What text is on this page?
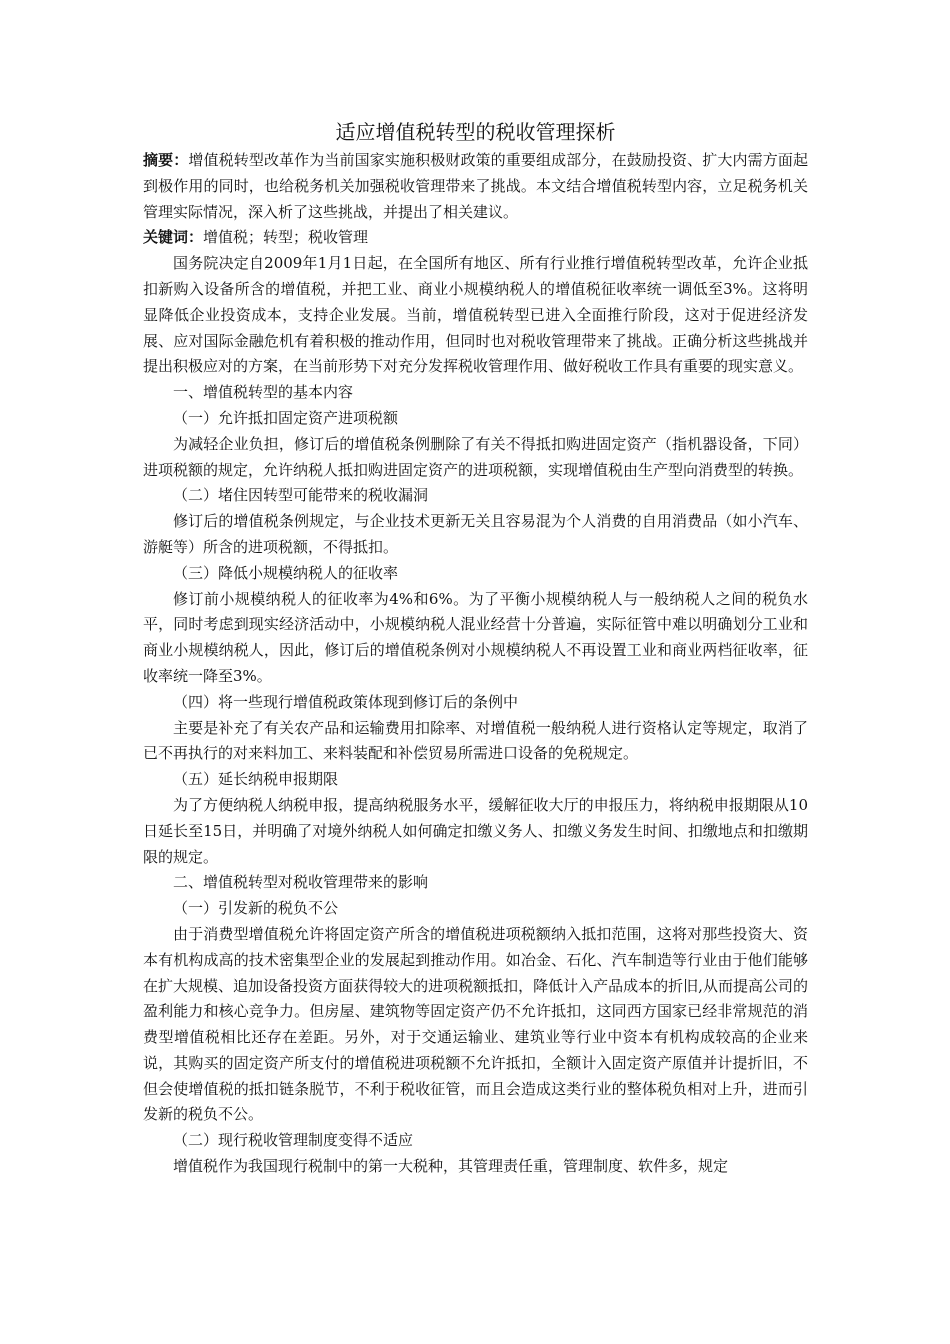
适应增值税转型的税收管理探析

摘要：增值税转型改革作为当前国家实施积极财政策的重要组成部分，在鼓励投资、扩大内需方面起到极作用的同时，也给税务机关加强税收管理带来了挑战。本文结合增值税转型内容，立足税务机关管理实际情况，深入析了这些挑战，并提出了相关建议。

关键词：增值税；转型；税收管理

国务院决定自2009年1月1日起，在全国所有地区、所有行业推行增值税转型改革，允许企业抵扣新购入设备所含的增值税，并把工业、商业小规模纳税人的增值税征收率统一调低至3%。这将明显降低企业投资成本，支持企业发展。当前，增值税转型已进入全面推行阶段，这对于促进经济发展、应对国际金融危机有着积极的推动作用，但同时也对税收管理带来了挑战。正确分析这些挑战并提出积极应对的方案，在当前形势下对充分发挥税收管理作用、做好税收工作具有重要的现实意义。

一、增值税转型的基本内容

（一）允许抵扣固定资产进项税额

为减轻企业负担，修订后的增值税条例删除了有关不得抵扣购进固定资产（指机器设备，下同）进项税额的规定，允许纳税人抵扣购进固定资产的进项税额，实现增值税由生产型向消费型的转换。

（二）堵住因转型可能带来的税收漏洞

修订后的增值税条例规定，与企业技术更新无关且容易混为个人消费的自用消费品（如小汽车、游艇等）所含的进项税额，不得抵扣。

（三）降低小规模纳税人的征收率

修订前小规模纳税人的征收率为4%和6%。为了平衡小规模纳税人与一般纳税人之间的税负水平，同时考虑到现实经济活动中，小规模纳税人混业经营十分普遍，实际征管中难以明确划分工业和商业小规模纳税人，因此，修订后的增值税条例对小规模纳税人不再设置工业和商业两档征收率，征收率统一降至3%。

（四）将一些现行增值税政策体现到修订后的条例中

主要是补充了有关农产品和运输费用扣除率、对增值税一般纳税人进行资格认定等规定，取消了已不再执行的对来料加工、来料装配和补偿贸易所需进口设备的免税规定。

（五）延长纳税申报期限

为了方便纳税人纳税申报，提高纳税服务水平，缓解征收大厅的申报压力，将纳税申报期限从10日延长至15日，并明确了对境外纳税人如何确定扣缴义务人、扣缴义务发生时间、扣缴地点和扣缴期限的规定。

二、增值税转型对税收管理带来的影响

（一）引发新的税负不公

由于消费型增值税允许将固定资产所含的增值税进项税额纳入抵扣范围，这将对那些投资大、资本有机构成高的技术密集型企业的发展起到推动作用。如冶金、石化、汽车制造等行业由于他们能够在扩大规模、追加设备投资方面获得较大的进项税额抵扣，降低计入产品成本的折旧,从而提高公司的盈利能力和核心竞争力。但房屋、建筑物等固定资产仍不允许抵扣，这同西方国家已经非常规范的消费型增值税相比还存在差距。另外，对于交通运输业、建筑业等行业中资本有机构成较高的企业来说，其购买的固定资产所支付的增值税进项税额不允许抵扣，全额计入固定资产原值并计提折旧，不但会使增值税的抵扣链条脱节，不利于税收征管，而且会造成这类行业的整体税负相对上升，进而引发新的税负不公。

（二）现行税收管理制度变得不适应

增值税作为我国现行税制中的第一大税种，其管理责任重，管理制度、软件多，规定
